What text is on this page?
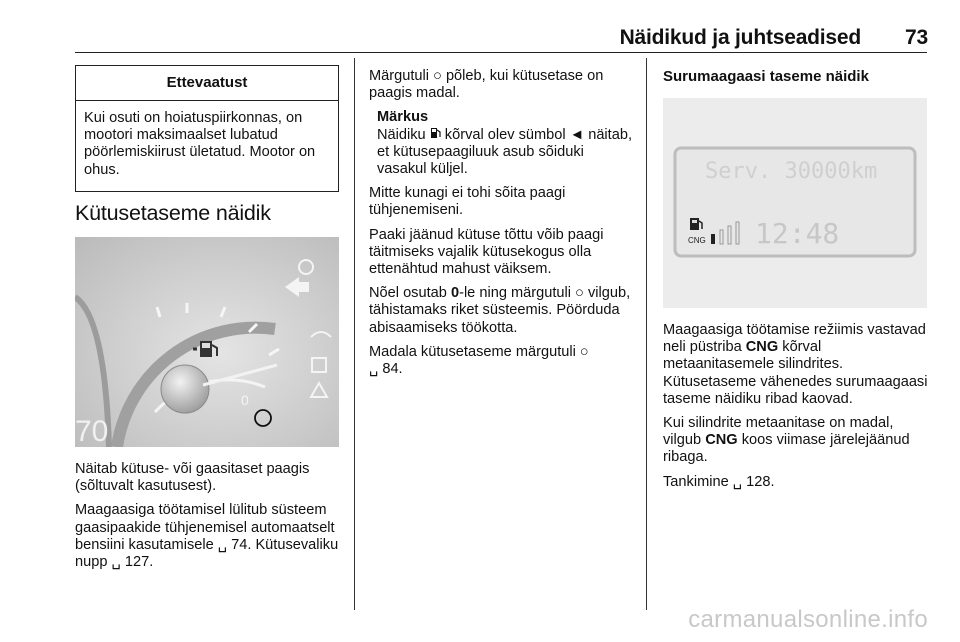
Näidikud ja juhtseadised 73
Ettevaatust
Kui osuti on hoiatuspiirkonnas, on mootori maksimaalset lubatud pöörlemiskiirust ületatud. Mootor on ohus.
Kütusetaseme näidik
0
70

Näitab kütuse- või gaasitaset paagis (sõltuvalt kasutusest).

Maagaasiga töötamisel lülitub süsteem gaasipaakide tühjenemisel automaatselt bensiini kasutamisele ␣ 74. Kütusevaliku nupp ␣ 127.

Märgutuli ○ põleb, kui kütusetase on paagis madal.

Märkus
Näidiku kõrval olev sümbol ◄ näitab, et kütusepaagiluuk asub sõiduki vasakul küljel.

Mitte kunagi ei tohi sõita paagi tühjenemiseni.

Paaki jäänud kütuse tõttu võib paagi täitmiseks vajalik kütusekogus olla ettenähtud mahust väiksem.

Nõel osutab 0-le ning märgutuli ○ vilgub, tähistamaks riket süsteemis. Pöörduda abisaamiseks töökotta.

Madala kütusetaseme märgutuli ○
␣ 84.

Surumaagaasi taseme näidik
Serv. 30000km
12:48
CNG

Maagaasiga töötamise režiimis vastavad neli püstriba CNG kõrval metaanitasemele silindrites. Kütusetaseme vähenedes surumaagaasi taseme näidiku ribad kaovad.

Kui silindrite metaanitase on madal, vilgub CNG koos viimase järelejäänud ribaga.

Tankimine ␣ 128.

carmanualsonline.info
